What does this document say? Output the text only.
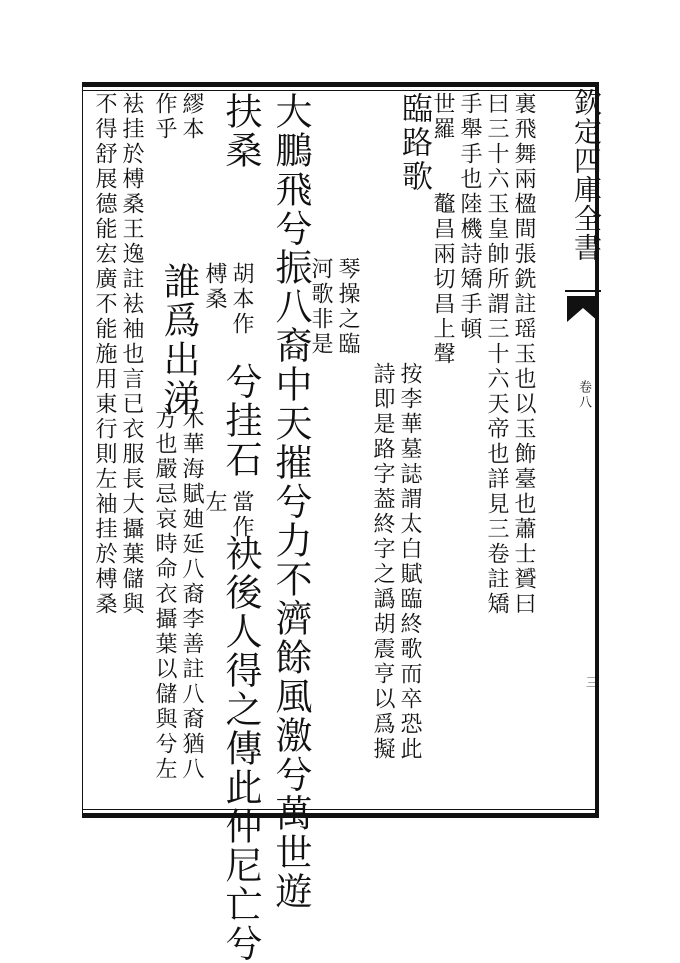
欽定四庫全書
卷八
三
裏飛舞兩楹間張銑註瑶玉也以玉飾臺也蕭士贇曰
曰三十六玉皇帥所謂三十六天帝也詳見三卷註矯
手舉手也陸機詩矯手頓
世羅　　鼇昌兩切昌上聲
臨路歌
按李華墓誌謂太白賦臨終歌而卒恐此
詩即是路字葢終字之譌胡震亨以爲擬
琴操之臨
河歌非是
大鵬飛兮振八裔中天摧兮力不濟餘風激兮萬世遊
扶桑
胡本作
榑桑
兮挂石
當作
左
袂後人得之傳此仲尼亡兮
繆本
作乎
誰爲出涕
木華海賦廸延八裔李善註八裔猶八
方也嚴忌哀時命衣攝葉以儲與兮左
袪挂於榑桑王逸註袪袖也言已衣服長大攝葉儲與
不得舒展德能宏廣不能施用東行則左袖挂於榑桑
